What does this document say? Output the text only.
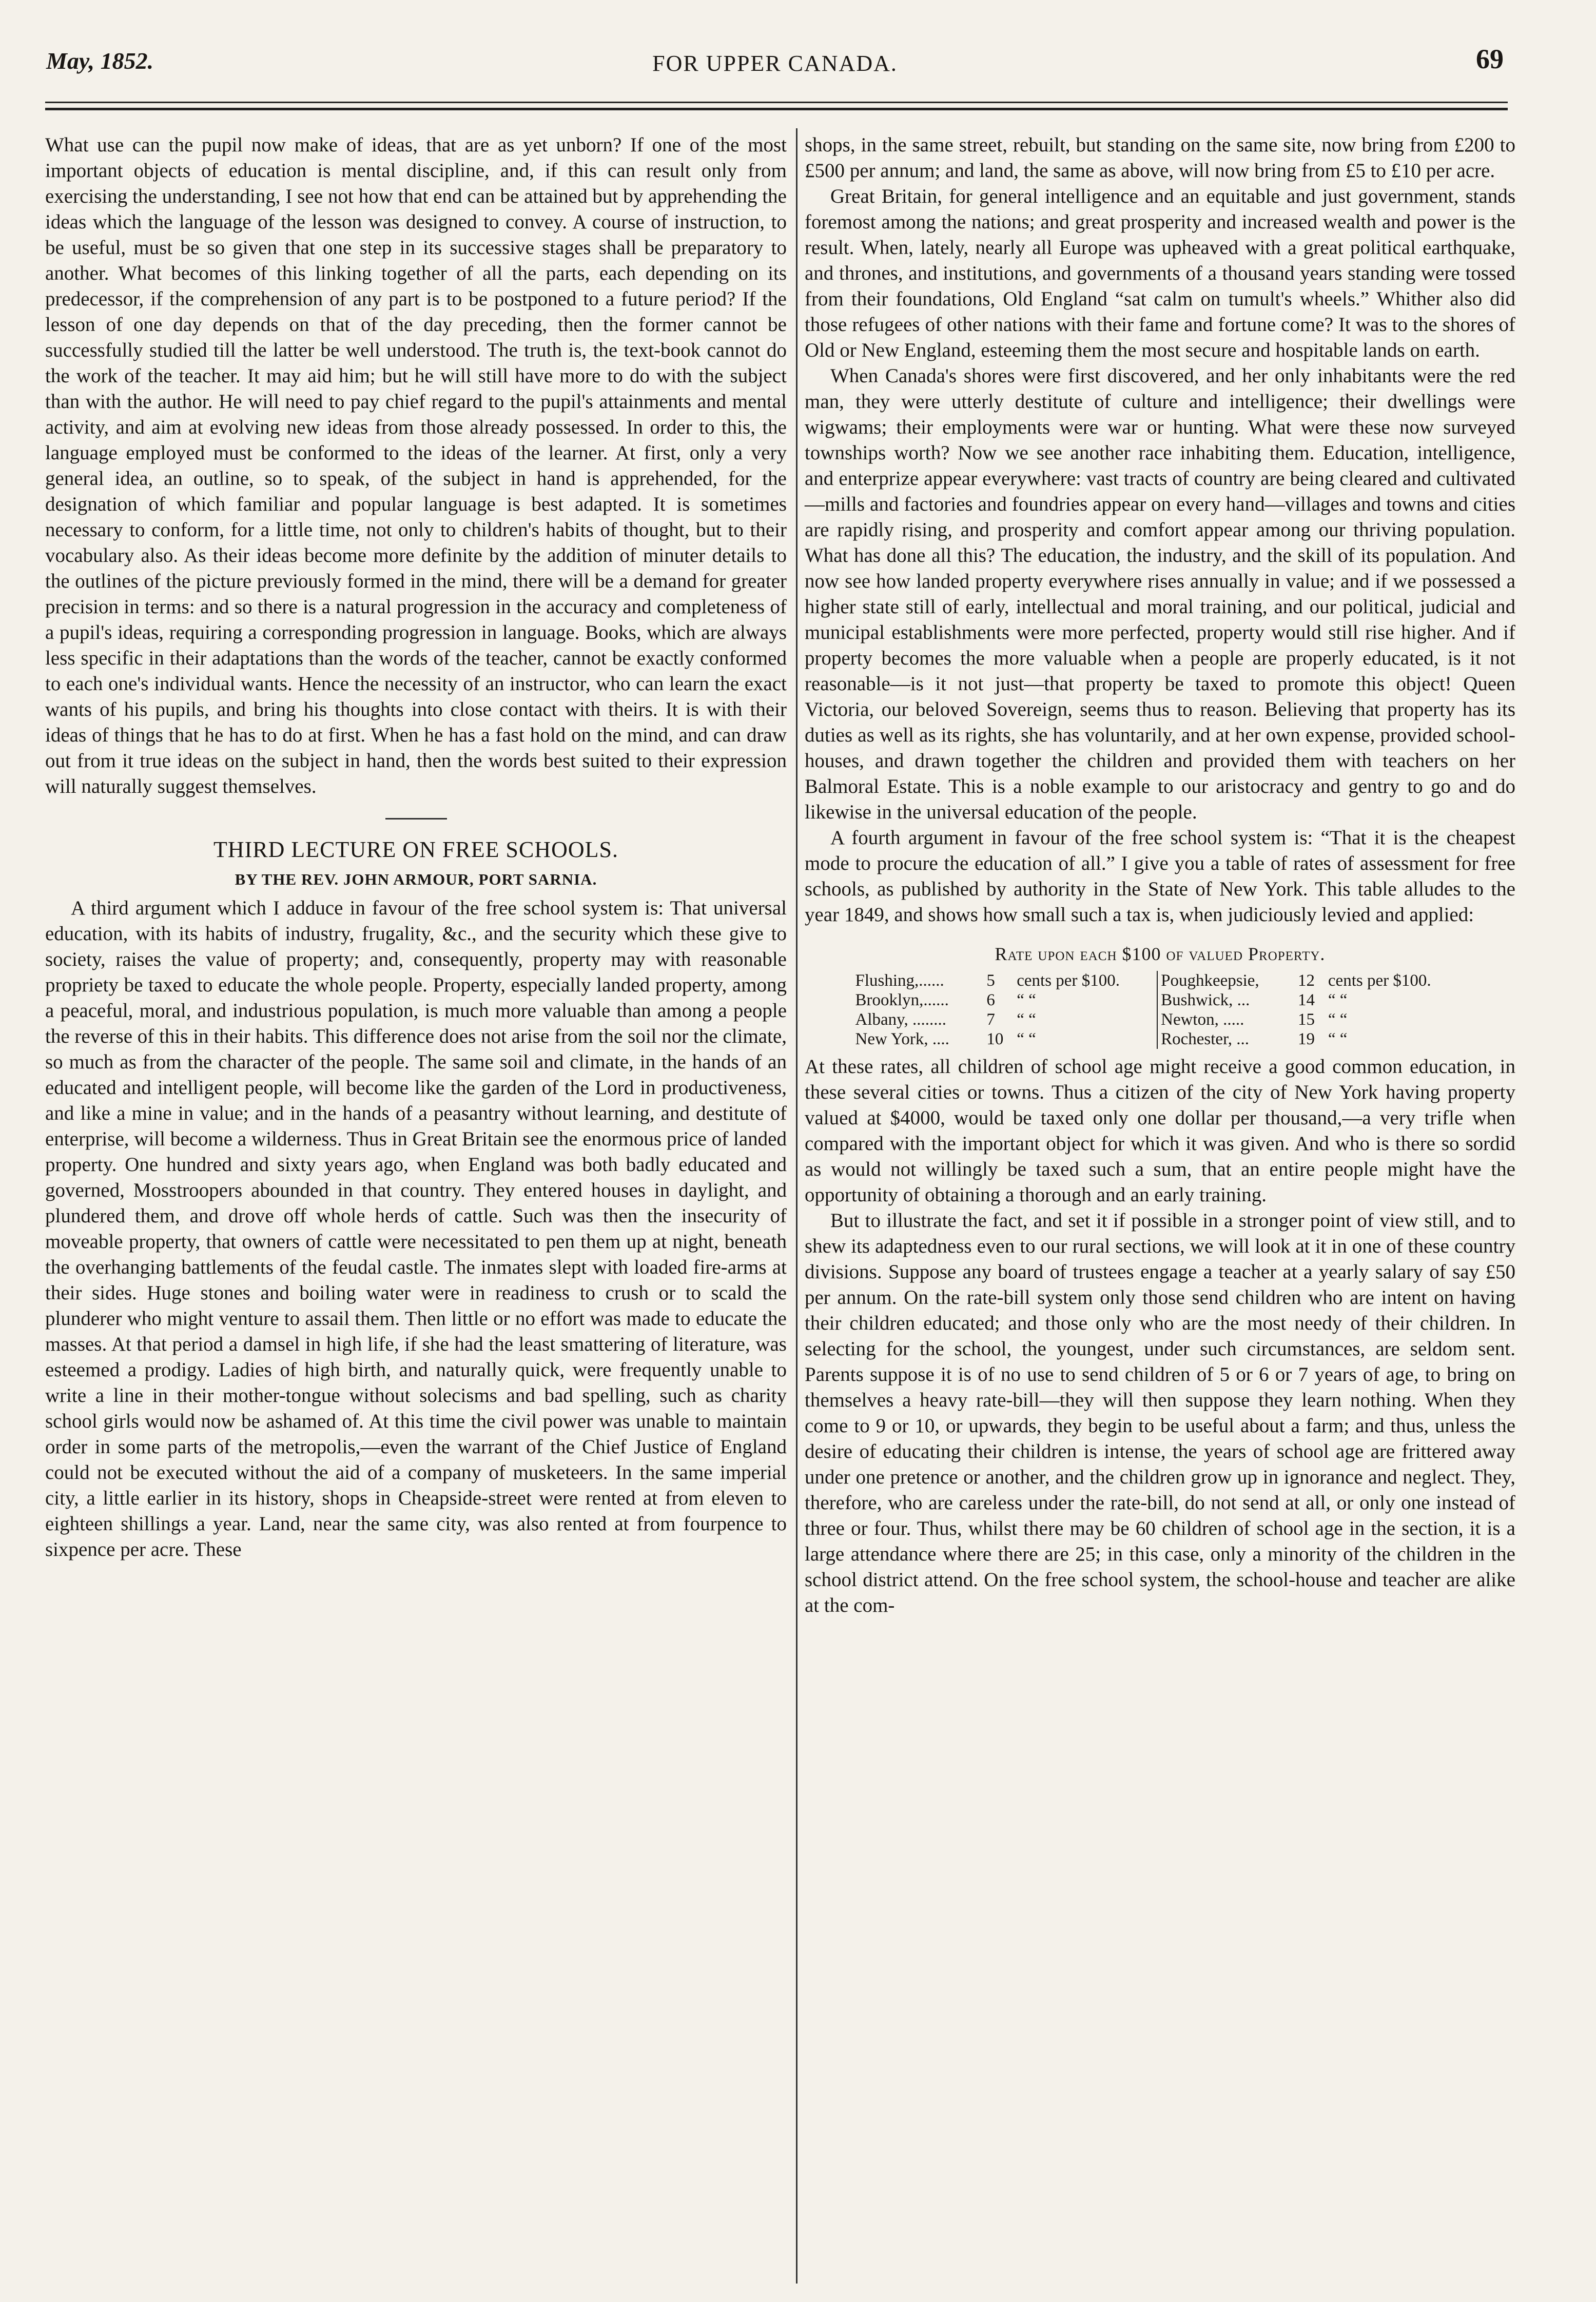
May, 1852.	FOR UPPER CANADA.	69

What use can the pupil now make of ideas, that are as yet unborn? If one of the most important objects of education is mental discipline, and, if this can result only from exercising the understanding, I see not how that end can be attained but by apprehending the ideas which the language of the lesson was designed to convey. A course of instruction, to be useful, must be so given that one step in its successive stages shall be preparatory to another. What becomes of this linking together of all the parts, each depending on its predecessor, if the comprehension of any part is to be postponed to a future period? If the lesson of one day depends on that of the day preceding, then the former cannot be successfully studied till the latter be well understood. The truth is, the text-book cannot do the work of the teacher. It may aid him; but he will still have more to do with the subject than with the author. He will need to pay chief regard to the pupil's attainments and mental activity, and aim at evolving new ideas from those already possessed. In order to this, the language employed must be conformed to the ideas of the learner. At first, only a very general idea, an outline, so to speak, of the subject in hand is apprehended, for the designation of which familiar and popular language is best adapted. It is sometimes necessary to conform, for a little time, not only to children's habits of thought, but to their vocabulary also. As their ideas become more definite by the addition of minuter details to the outlines of the picture previously formed in the mind, there will be a demand for greater precision in terms: and so there is a natural progression in the accuracy and completeness of a pupil's ideas, requiring a corresponding progression in language. Books, which are always less specific in their adaptations than the words of the teacher, cannot be exactly conformed to each one's individual wants. Hence the necessity of an instructor, who can learn the exact wants of his pupils, and bring his thoughts into close contact with theirs. It is with their ideas of things that he has to do at first. When he has a fast hold on the mind, and can draw out from it true ideas on the subject in hand, then the words best suited to their expression will naturally suggest themselves.

THIRD LECTURE ON FREE SCHOOLS.
BY THE REV. JOHN ARMOUR, PORT SARNIA.

A third argument which I adduce in favour of the free school system is: That universal education, with its habits of industry, frugality, &c., and the security which these give to society, raises the value of property; and, consequently, property may with reasonable propriety be taxed to educate the whole people. Property, especially landed property, among a peaceful, moral, and industrious population, is much more valuable than among a people the reverse of this in their habits. This difference does not arise from the soil nor the climate, so much as from the character of the people. The same soil and climate, in the hands of an educated and intelligent people, will become like the garden of the Lord in productiveness, and like a mine in value; and in the hands of a peasantry without learning, and destitute of enterprise, will become a wilderness. Thus in Great Britain see the enormous price of landed property. One hundred and sixty years ago, when England was both badly educated and governed, Mosstroopers abounded in that country. They entered houses in daylight, and plundered them, and drove off whole herds of cattle. Such was then the insecurity of moveable property, that owners of cattle were necessitated to pen them up at night, beneath the overhanging battlements of the feudal castle. The inmates slept with loaded fire-arms at their sides. Huge stones and boiling water were in readiness to crush or to scald the plunderer who might venture to assail them. Then little or no effort was made to educate the masses. At that period a damsel in high life, if she had the least smattering of literature, was esteemed a prodigy. Ladies of high birth, and naturally quick, were frequently unable to write a line in their mother-tongue without solecisms and bad spelling, such as charity school girls would now be ashamed of. At this time the civil power was unable to maintain order in some parts of the metropolis,—even the warrant of the Chief Justice of England could not be executed without the aid of a company of musketeers. In the same imperial city, a little earlier in its history, shops in Cheapside-street were rented at from eleven to eighteen shillings a year. Land, near the same city, was also rented at from fourpence to sixpence per acre. These

shops, in the same street, rebuilt, but standing on the same site, now bring from £200 to £500 per annum; and land, the same as above, will now bring from £5 to £10 per acre.

Great Britain, for general intelligence and an equitable and just government, stands foremost among the nations; and great prosperity and increased wealth and power is the result. When, lately, nearly all Europe was upheaved with a great political earthquake, and thrones, and institutions, and governments of a thousand years standing were tossed from their foundations, Old England “sat calm on tumult's wheels.” Whither also did those refugees of other nations with their fame and fortune come? It was to the shores of Old or New England, esteeming them the most secure and hospitable lands on earth.

When Canada's shores were first discovered, and her only inhabitants were the red man, they were utterly destitute of culture and intelligence; their dwellings were wigwams; their employments were war or hunting. What were these now surveyed townships worth? Now we see another race inhabiting them. Education, intelligence, and enterprize appear everywhere: vast tracts of country are being cleared and cultivated—mills and factories and foundries appear on every hand—villages and towns and cities are rapidly rising, and prosperity and comfort appear among our thriving population. What has done all this? The education, the industry, and the skill of its population. And now see how landed property everywhere rises annually in value; and if we possessed a higher state still of early, intellectual and moral training, and our political, judicial and municipal establishments were more perfected, property would still rise higher. And if property becomes the more valuable when a people are properly educated, is it not reasonable—is it not just—that property be taxed to promote this object! Queen Victoria, our beloved Sovereign, seems thus to reason. Believing that property has its duties as well as its rights, she has voluntarily, and at her own expense, provided school-houses, and drawn together the children and provided them with teachers on her Balmoral Estate. This is a noble example to our aristocracy and gentry to go and do likewise in the universal education of the people.

A fourth argument in favour of the free school system is: “That it is the cheapest mode to procure the education of all.” I give you a table of rates of assessment for free schools, as published by authority in the State of New York. This table alludes to the year 1849, and shows how small such a tax is, when judiciously levied and applied:

Rate upon each $100 of valued Property.
Flushing,......	5	cents per $100.	Poughkeepsie,	12	cents per $100.
Brooklyn,......	6	“ “	Bushwick, ...	14	“ “
Albany, ........	7	“ “	Newton, .....	15	“ “
New York, ....	10	“ “	Rochester, ...	19	“ “

At these rates, all children of school age might receive a good common education, in these several cities or towns. Thus a citizen of the city of New York having property valued at $4000, would be taxed only one dollar per thousand,—a very trifle when compared with the important object for which it was given. And who is there so sordid as would not willingly be taxed such a sum, that an entire people might have the opportunity of obtaining a thorough and an early training.

But to illustrate the fact, and set it if possible in a stronger point of view still, and to shew its adaptedness even to our rural sections, we will look at it in one of these country divisions. Suppose any board of trustees engage a teacher at a yearly salary of say £50 per annum. On the rate-bill system only those send children who are intent on having their children educated; and those only who are the most needy of their children. In selecting for the school, the youngest, under such circumstances, are seldom sent. Parents suppose it is of no use to send children of 5 or 6 or 7 years of age, to bring on themselves a heavy rate-bill—they will then suppose they learn nothing. When they come to 9 or 10, or upwards, they begin to be useful about a farm; and thus, unless the desire of educating their children is intense, the years of school age are frittered away under one pretence or another, and the children grow up in ignorance and neglect. They, therefore, who are careless under the rate-bill, do not send at all, or only one instead of three or four. Thus, whilst there may be 60 children of school age in the section, it is a large attendance where there are 25; in this case, only a minority of the children in the school district attend. On the free school system, the school-house and teacher are alike at the com-
